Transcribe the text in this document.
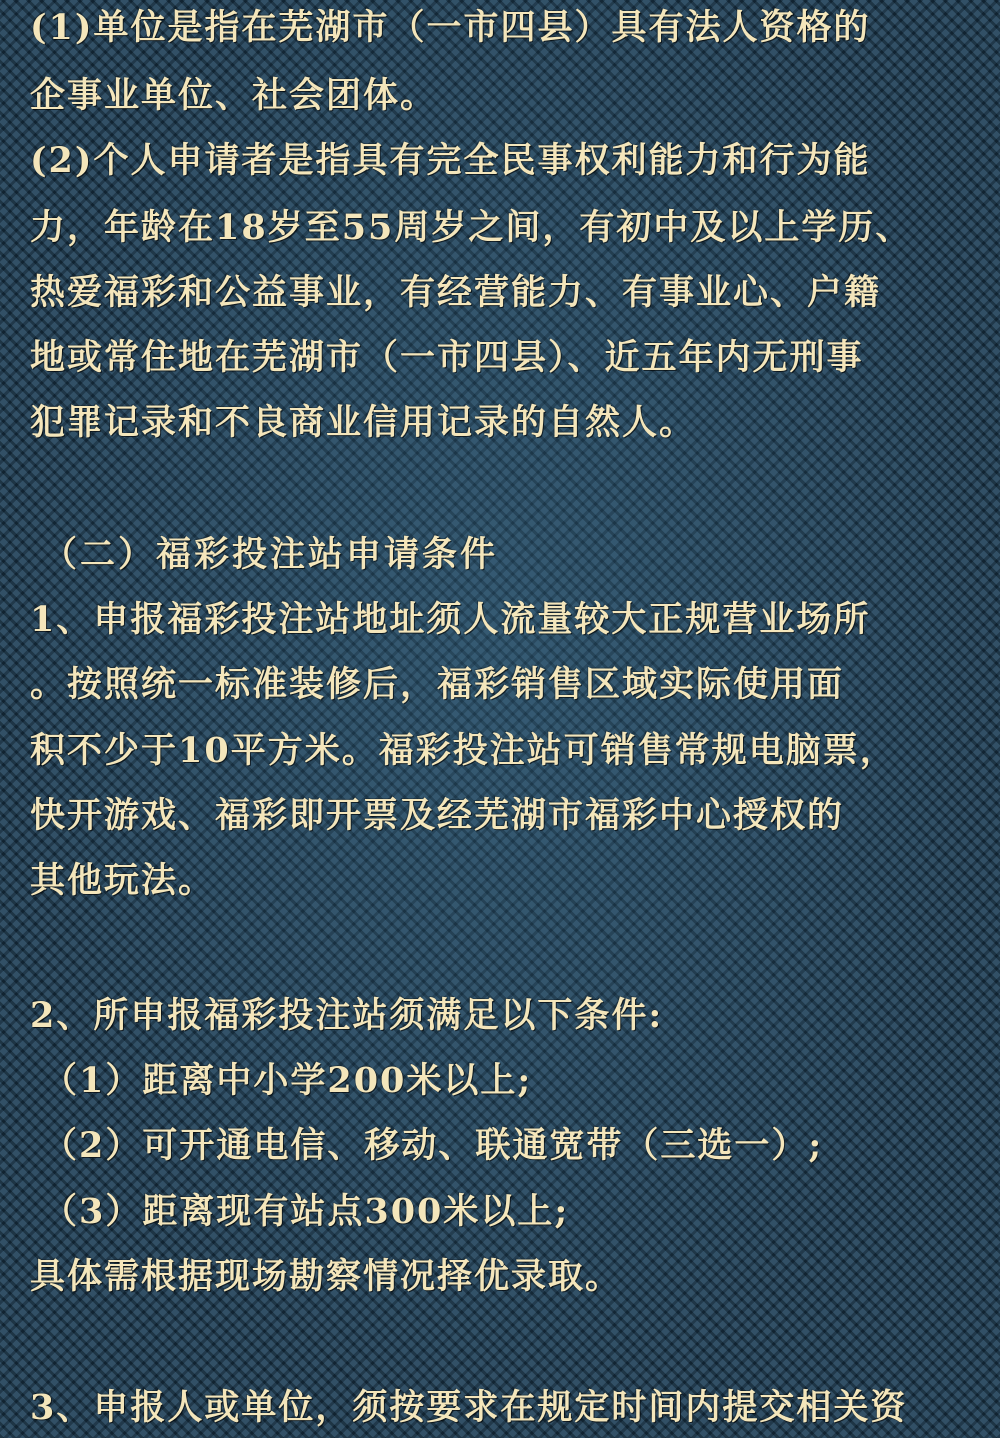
(1)单位是指在芜湖市（一市四县）具有法人资格的
企事业单位、社会团体。
(2)个人申请者是指具有完全民事权利能力和行为能
力，年龄在18岁至55周岁之间，有初中及以上学历、
热爱福彩和公益事业，有经营能力、有事业心、户籍
地或常住地在芜湖市（一市四县）、近五年内无刑事
犯罪记录和不良商业信用记录的自然人。
（二）福彩投注站申请条件
1、申报福彩投注站地址须人流量较大正规营业场所
。按照统一标准装修后，福彩销售区域实际使用面
积不少于10平方米。福彩投注站可销售常规电脑票，
快开游戏、福彩即开票及经芜湖市福彩中心授权的
其他玩法。
2、所申报福彩投注站须满足以下条件:
（1）距离中小学200米以上;
（2）可开通电信、移动、联通宽带（三选一）;
（3）距离现有站点300米以上;
具体需根据现场勘察情况择优录取。
3、申报人或单位，须按要求在规定时间内提交相关资
